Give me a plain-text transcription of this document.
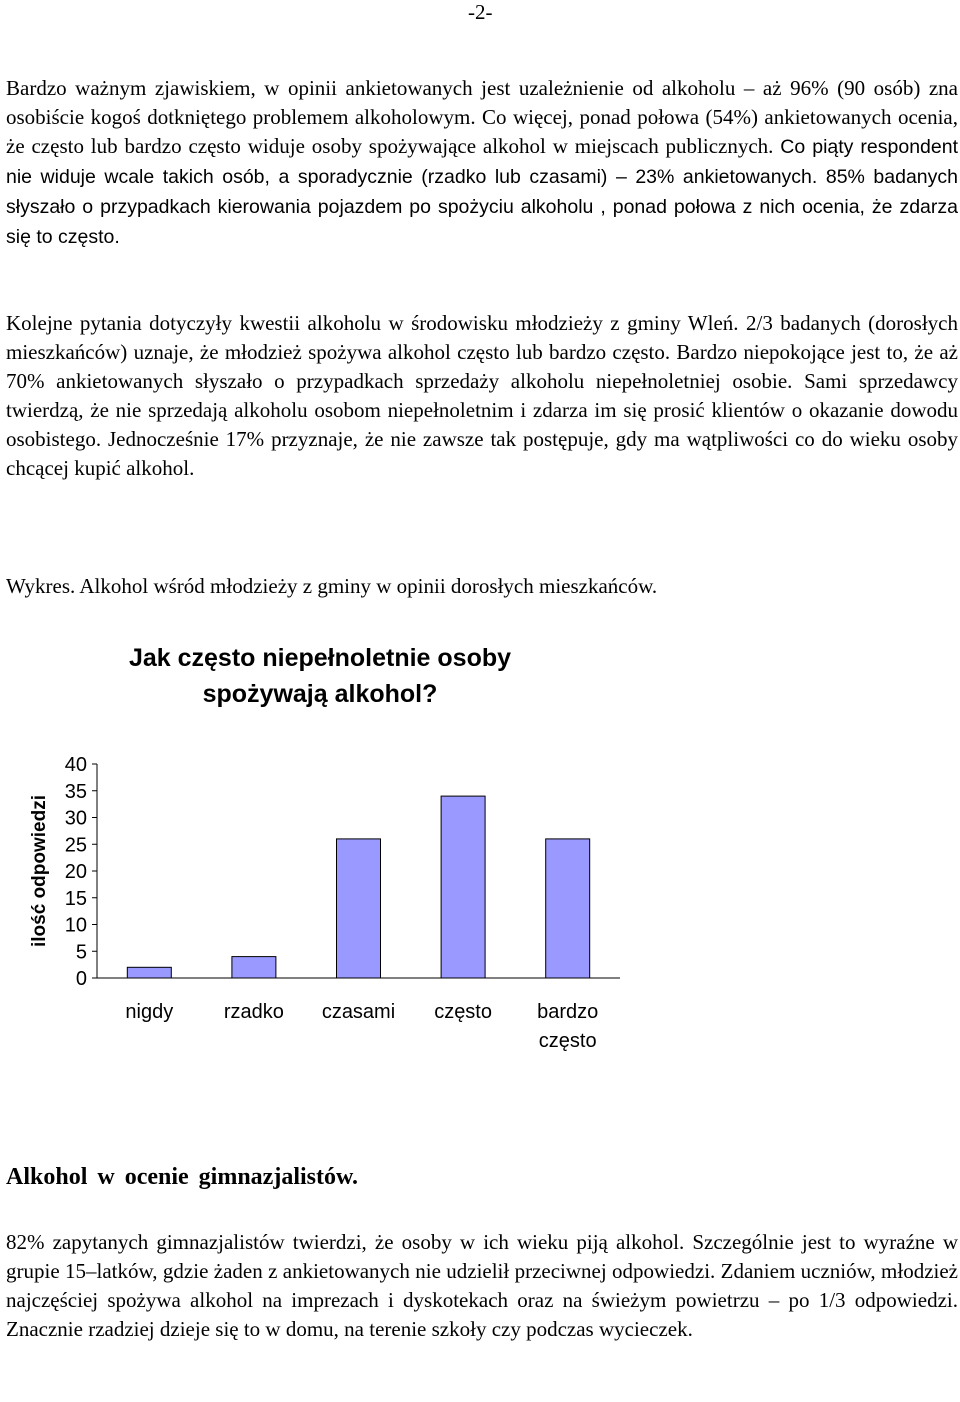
-2-

Bardzo ważnym zjawiskiem, w opinii ankietowanych jest uzależnienie od alkoholu – aż 96% (90 osób) zna osobiście kogoś dotkniętego problemem alkoholowym. Co więcej, ponad połowa (54%) ankietowanych ocenia, że często lub bardzo często widuje osoby spożywające alkohol w miejscach publicznych. Co piąty respondent nie widuje wcale takich osób, a sporadycznie (rzadko lub czasami) – 23% ankietowanych. 85% badanych słyszało o przypadkach kierowania pojazdem po spożyciu alkoholu , ponad połowa z nich ocenia, że zdarza się to często.

Kolejne pytania dotyczyły kwestii alkoholu w środowisku młodzieży z gminy Wleń. 2/3 badanych (dorosłych mieszkańców) uznaje, że młodzież spożywa alkohol często lub bardzo często. Bardzo niepokojące jest to, że aż 70% ankietowanych słyszało o przypadkach sprzedaży alkoholu niepełnoletniej osobie. Sami sprzedawcy twierdzą, że nie sprzedają alkoholu osobom niepełnoletnim i zdarza im się prosić klientów o okazanie dowodu osobistego. Jednocześnie 17% przyznaje, że nie zawsze tak postępuje, gdy ma wątpliwości co do wieku osoby chcącej kupić alkohol.

Wykres. Alkohol wśród młodzieży z gminy w opinii dorosłych mieszkańców.

Jak często niepełnoletnie osoby
spożywają alkohol?
ilość odpowiedzi
0
5
10
15
20
25
30
35
40
nigdy	rzadko czasami często bardzo
często
Alkohol w ocenie gimnazjalistów.

82% zapytanych gimnazjalistów twierdzi, że osoby w ich wieku piją alkohol. Szczególnie jest to wyraźne w grupie 15–latków, gdzie żaden z ankietowanych nie udzielił przeciwnej odpowiedzi. Zdaniem uczniów, młodzież najczęściej spożywa alkohol na imprezach i dyskotekach oraz na świeżym powietrzu – po 1/3 odpowiedzi. Znacznie rzadziej dzieje się to w domu, na terenie szkoły czy podczas wycieczek.
